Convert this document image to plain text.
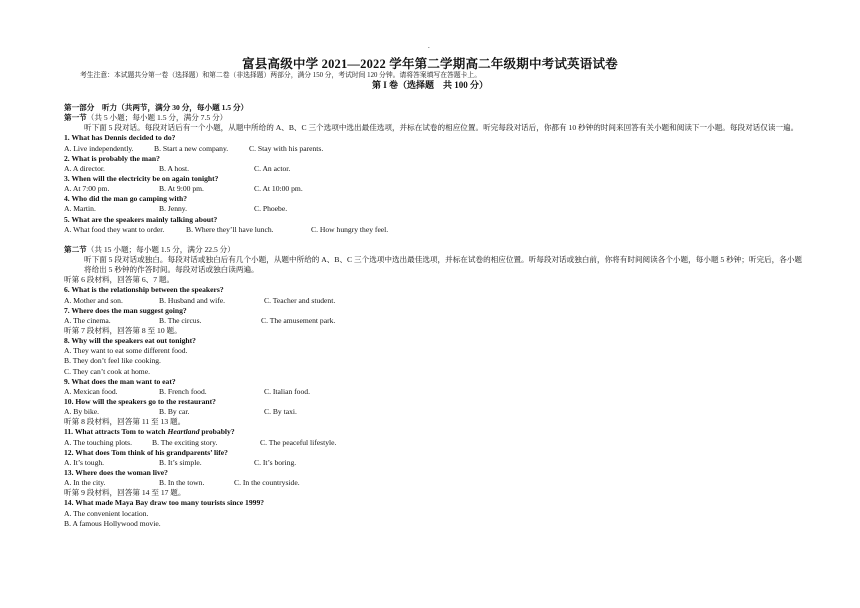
.
富县高级中学 2021—2022 学年第二学期高二年级期中考试英语试卷
考生注意：本试题共分第一卷（选择题）和第二卷（非选择题）两部分，满分 150 分，考试时间 120 分钟。请将答案填写在答题卡上。
第 I 卷（选择题　共 100 分）
第一部分　听力（共两节，满分 30 分，每小题 1.5 分）
第一节（共 5 小题；每小题 1.5 分，满分 7.5 分）
听下面 5 段对话。每段对话后有一个小题，从题中所给的 A、B、C 三个选项中选出最佳选项，并标在试卷的相应位置。听完每段对话后，你都有 10 秒钟的时间来回答有关小题和阅读下一小题。每段对话仅读一遍。
1. What has Dennis decided to do?
A. Live independently.	B. Start a new company.	C. Stay with his parents.
2. What is probably the man?
A. A director.	B. A host.	C. An actor.
3. When will the electricity be on again tonight?
A. At 7:00 pm.	B. At 9:00 pm.	C. At 10:00 pm.
4. Who did the man go camping with?
A. Martin.	B. Jenny.	C. Phoebe.
5. What are the speakers mainly talking about?
A. What food they want to order.	B. Where they’ll have lunch.	C. How hungry they feel.
第二节（共 15 小题；每小题 1.5 分，满分 22.5 分）
听下面 5 段对话或独白。每段对话或独白后有几个小题，从题中所给的 A、B、C 三个选项中选出最佳选项，并标在试卷的相应位置。听每段对话或独白前，你将有时间阅读各个小题，每小题 5 秒钟；听完后，各小题将给出 5 秒钟的作答时间。每段对话或独白读两遍。
听第 6 段材料，回答第 6、7 题。
6. What is the relationship between the speakers?
A. Mother and son.	B. Husband and wife.	C. Teacher and student.
7. Where does the man suggest going?
A. The cinema.	B. The circus.	C. The amusement park.
听第 7 段材料，回答第 8 至 10 题。
8. Why will the speakers eat out tonight?
A. They want to eat some different food.
B. They don’t feel like cooking.
C. They can’t cook at home.
9. What does the man want to eat?
A. Mexican food.	B. French food.	C. Italian food.
10. How will the speakers go to the restaurant?
A. By bike.	B. By car.	C. By taxi.
听第 8 段材料，回答第 11 至 13 题。
11. What attracts Tom to watch Heartland probably?
A. The touching plots.	B. The exciting story.	C. The peaceful lifestyle.
12. What does Tom think of his grandparents’ life?
A. It’s tough.	B. It’s simple.	C. It’s boring.
13. Where does the woman live?
A. In the city.	B. In the town.	C. In the countryside.
听第 9 段材料，回答第 14 至 17 题。
14. What made Maya Bay draw too many tourists since 1999?
A. The convenient location.
B. A famous Hollywood movie.
